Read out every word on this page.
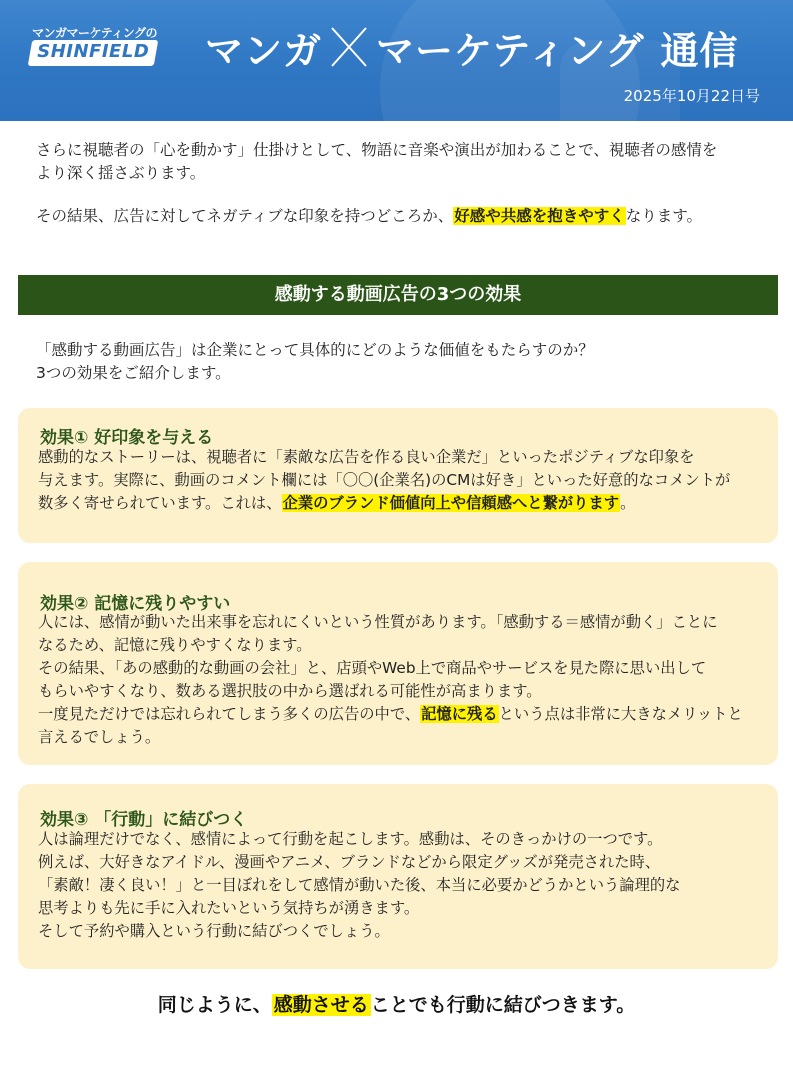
マンガマーケティングの
SHINFIELD マンガ マーケティング 通信
2025年10月22日号
さらに視聴者の「心を動かす」仕掛けとして、物語に音楽や演出が加わることで、視聴者の感情を
より深く揺さぶります。
その結果、広告に対してネガティブな印象を持つどころか、好感や共感を抱きやすくなります。
感動する動画広告の3つの効果
「感動する動画広告」は企業にとって具体的にどのような価値をもたらすのか？
3つの効果をご紹介します。
効果① 好印象を与える
感動的なストーリーは、視聴者に「素敵な広告を作る良い企業だ」といったポジティブな印象を
与えます。実際に、動画のコメント欄には「〇〇(企業名)のCMは好き」といった好意的なコメントが
数多く寄せられています。これは、企業のブランド価値向上や信頼感へと繋がります。
効果② 記憶に残りやすい
人には、感情が動いた出来事を忘れにくいという性質があります。「感動する＝感情が動く」ことに
なるため、記憶に残りやすくなります。
その結果、「あの感動的な動画の会社」と、店頭やWeb上で商品やサービスを見た際に思い出して
もらいやすくなり、数ある選択肢の中から選ばれる可能性が高まります。
一度見ただけでは忘れられてしまう多くの広告の中で、記憶に残るという点は非常に大きなメリットと
言えるでしょう。
効果③ 「行動」に結びつく
人は論理だけでなく、感情によって行動を起こします。感動は、そのきっかけの一つです。
例えば、大好きなアイドル、漫画やアニメ、ブランドなどから限定グッズが発売された時、
「素敵！凄く良い！」と一目ぼれをして感情が動いた後、本当に必要かどうかという論理的な
思考よりも先に手に入れたいという気持ちが湧きます。
そして予約や購入という行動に結びつくでしょう。
同じように、 感動させる ことでも行動に結びつきます。
